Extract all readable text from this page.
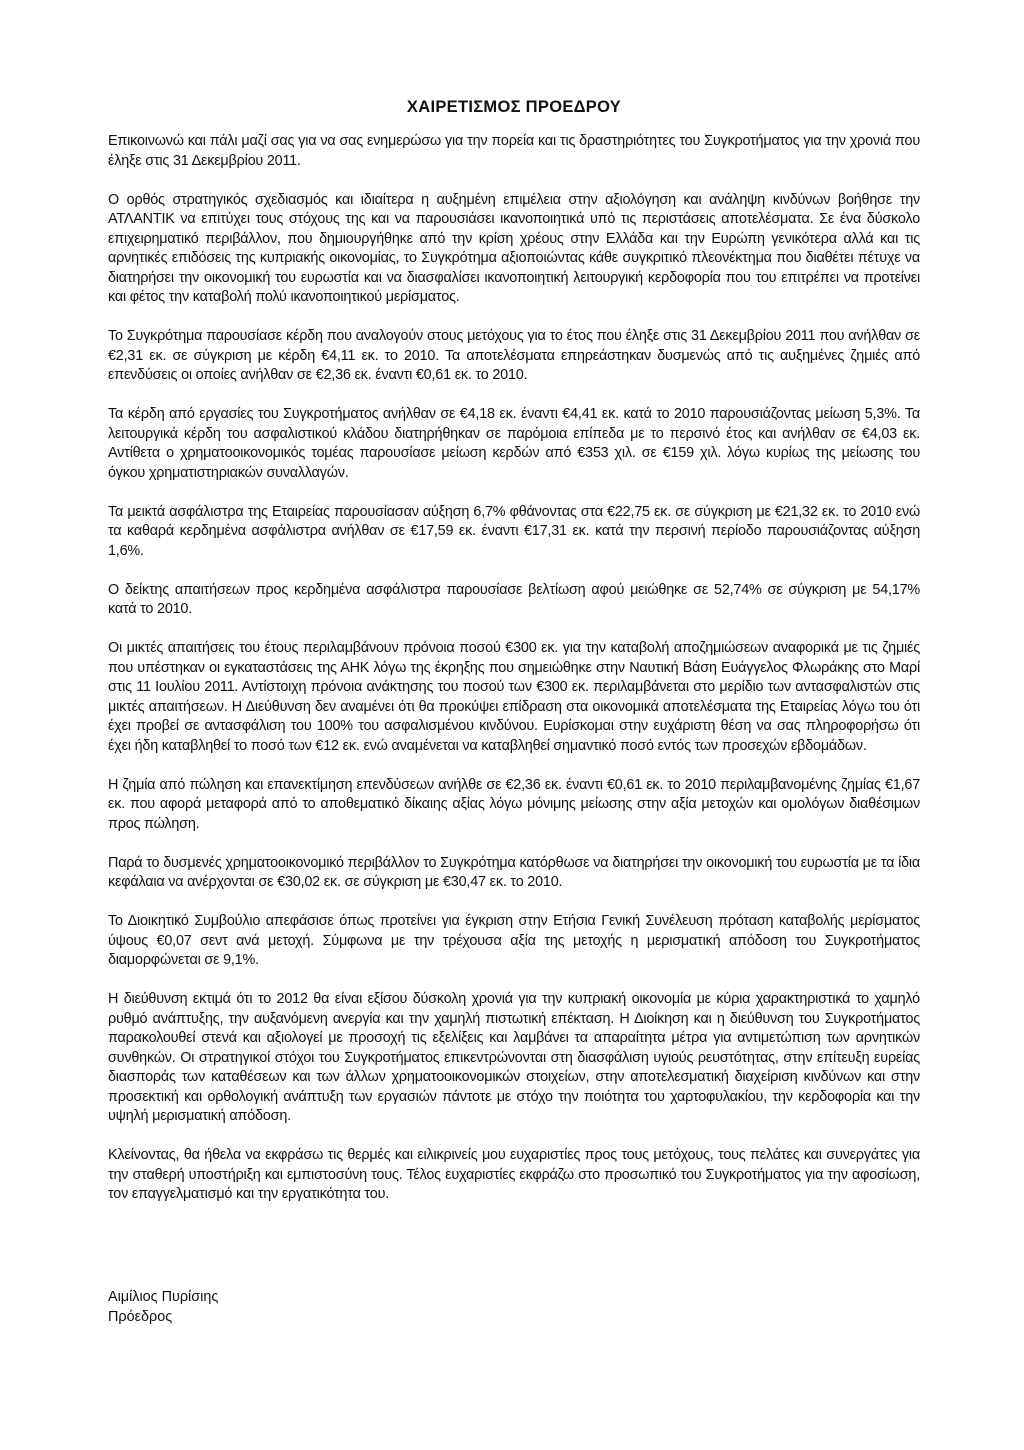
ΧΑΙΡΕΤΙΣΜΟΣ ΠΡΟΕΔΡΟΥ

Επικοινωνώ και πάλι μαζί σας για να σας ενημερώσω για την πορεία και τις δραστηριότητες του Συγκροτήματος για την χρονιά που έληξε στις 31 Δεκεμβρίου 2011.

Ο ορθός στρατηγικός σχεδιασμός και ιδιαίτερα η αυξημένη επιμέλεια στην αξιολόγηση και ανάληψη κινδύνων βοήθησε την ΑΤΛΑΝΤΙΚ να επιτύχει τους στόχους της και να παρουσιάσει ικανοποιητικά υπό τις περιστάσεις αποτελέσματα. Σε ένα δύσκολο επιχειρηματικό περιβάλλον, που δημιουργήθηκε από την κρίση χρέους στην Ελλάδα και την Ευρώπη γενικότερα αλλά και τις αρνητικές επιδόσεις της κυπριακής οικονομίας, το Συγκρότημα αξιοποιώντας κάθε συγκριτικό πλεονέκτημα που διαθέτει πέτυχε να διατηρήσει την οικονομική του ευρωστία και να διασφαλίσει ικανοποιητική λειτουργική κερδοφορία που του επιτρέπει να προτείνει και φέτος την καταβολή πολύ ικανοποιητικού μερίσματος.

Το Συγκρότημα παρουσίασε κέρδη που αναλογούν στους μετόχους για το έτος που έληξε στις 31 Δεκεμβρίου 2011 που ανήλθαν σε €2,31 εκ. σε σύγκριση με κέρδη €4,11 εκ. το 2010. Τα αποτελέσματα επηρεάστηκαν δυσμενώς από τις αυξημένες ζημιές από επενδύσεις οι οποίες ανήλθαν σε €2,36 εκ. έναντι €0,61 εκ. το 2010.

Τα κέρδη από εργασίες του Συγκροτήματος ανήλθαν σε €4,18 εκ. έναντι €4,41 εκ. κατά το 2010 παρουσιάζοντας μείωση 5,3%. Τα λειτουργικά κέρδη του ασφαλιστικού κλάδου διατηρήθηκαν σε παρόμοια επίπεδα με το περσινό έτος και ανήλθαν σε €4,03 εκ. Αντίθετα ο χρηματοοικονομικός τομέας παρουσίασε μείωση κερδών από €353 χιλ. σε €159 χιλ. λόγω κυρίως της μείωσης του όγκου χρηματιστηριακών συναλλαγών.

Τα μεικτά ασφάλιστρα της Εταιρείας παρουσίασαν αύξηση 6,7% φθάνοντας στα €22,75 εκ. σε σύγκριση με €21,32 εκ. το 2010 ενώ τα καθαρά κερδημένα ασφάλιστρα ανήλθαν σε €17,59 εκ. έναντι €17,31 εκ. κατά την περσινή περίοδο παρουσιάζοντας αύξηση 1,6%.

Ο δείκτης απαιτήσεων προς κερδημένα ασφάλιστρα παρουσίασε βελτίωση αφού μειώθηκε σε 52,74% σε σύγκριση με 54,17% κατά το 2010.

Οι μικτές απαιτήσεις του έτους περιλαμβάνουν πρόνοια ποσού €300 εκ. για την καταβολή αποζημιώσεων αναφορικά με τις ζημιές που υπέστηκαν οι εγκαταστάσεις της ΑΗΚ λόγω της έκρηξης που σημειώθηκε στην Ναυτική Βάση Ευάγγελος Φλωράκης στο Μαρί στις 11 Ιουλίου 2011. Αντίστοιχη πρόνοια ανάκτησης του ποσού των €300 εκ. περιλαμβάνεται στο μερίδιο των αντασφαλιστών στις μικτές απαιτήσεων. Η Διεύθυνση δεν αναμένει ότι θα προκύψει επίδραση στα οικονομικά αποτελέσματα της Εταιρείας λόγω του ότι έχει προβεί σε αντασφάλιση του 100% του ασφαλισμένου κινδύνου. Ευρίσκομαι στην ευχάριστη θέση να σας πληροφορήσω ότι έχει ήδη καταβληθεί το ποσό των €12 εκ. ενώ αναμένεται να καταβληθεί σημαντικό ποσό εντός των προσεχών εβδομάδων.

Η ζημία από πώληση και επανεκτίμηση επενδύσεων ανήλθε σε €2,36 εκ. έναντι €0,61 εκ. το 2010 περιλαμβανομένης ζημίας €1,67 εκ. που αφορά μεταφορά από το αποθεματικό δίκαιης αξίας λόγω μόνιμης μείωσης στην αξία μετοχών και ομολόγων διαθέσιμων προς πώληση.

Παρά το δυσμενές χρηματοοικονομικό περιβάλλον το Συγκρότημα κατόρθωσε να διατηρήσει την οικονομική του ευρωστία με τα ίδια κεφάλαια να ανέρχονται σε €30,02 εκ. σε σύγκριση με €30,47 εκ. το 2010.

Το Διοικητικό Συμβούλιο απεφάσισε όπως προτείνει για έγκριση στην Ετήσια Γενική Συνέλευση πρόταση καταβολής μερίσματος ύψους €0,07 σεντ ανά μετοχή. Σύμφωνα με την τρέχουσα αξία της μετοχής η μερισματική απόδοση του Συγκροτήματος διαμορφώνεται σε 9,1%.

Η διεύθυνση εκτιμά ότι το 2012 θα είναι εξίσου δύσκολη χρονιά για την κυπριακή οικονομία με κύρια χαρακτηριστικά το χαμηλό ρυθμό ανάπτυξης, την αυξανόμενη ανεργία και την χαμηλή πιστωτική επέκταση. Η Διοίκηση και η διεύθυνση του Συγκροτήματος παρακολουθεί στενά και αξιολογεί με προσοχή τις εξελίξεις και λαμβάνει τα απαραίτητα μέτρα για αντιμετώπιση των αρνητικών συνθηκών. Οι στρατηγικοί στόχοι του Συγκροτήματος επικεντρώνονται στη διασφάλιση υγιούς ρευστότητας, στην επίτευξη ευρείας διασποράς των καταθέσεων και των άλλων χρηματοοικονομικών στοιχείων, στην αποτελεσματική διαχείριση κινδύνων και στην προσεκτική και ορθολογική ανάπτυξη των εργασιών πάντοτε με στόχο την ποιότητα του χαρτοφυλακίου, την κερδοφορία και την υψηλή μερισματική απόδοση.

Κλείνοντας, θα ήθελα να εκφράσω τις θερμές και ειλικρινείς μου ευχαριστίες προς τους μετόχους, τους πελάτες και συνεργάτες για την σταθερή υποστήριξη και εμπιστοσύνη τους. Τέλος ευχαριστίες εκφράζω στο προσωπικό του Συγκροτήματος για την αφοσίωση, τον επαγγελματισμό και την εργατικότητα του.

Αιμίλιος Πυρίσιης
Πρόεδρος
